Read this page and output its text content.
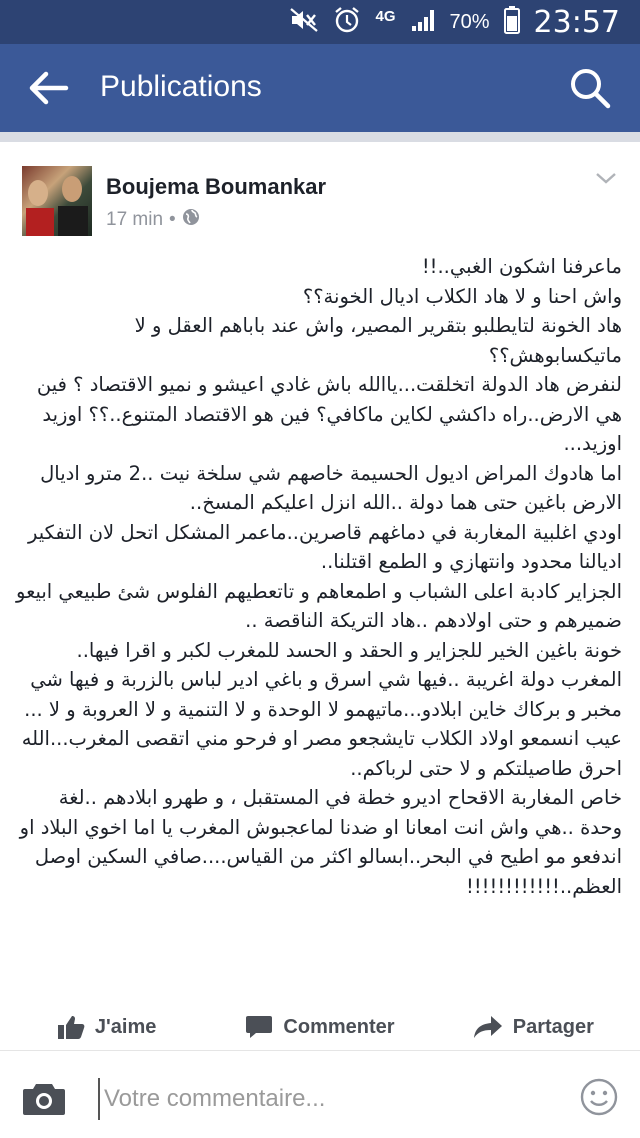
4G	70% 23:57
Publications
Boujema Boumankar
17 min •

ماعرفنا اشكون الغبي..!!

واش احنا و لا هاد الكلاب اديال الخونة؟؟

هاد الخونة لتايطلبو بتقرير المصير، واش عند باباهم العقل و لا ماتيكسابوهش؟؟

لنفرض هاد الدولة اتخلقت...ياالله باش غادي اعيشو و نميو الاقتصاد ؟ فين هي الارض..راه داكشي لكاين ماكافي؟ فين هو الاقتصاد المتنوع..؟؟ اوزيد اوزيد...

اما هادوك المراض اديول الحسيمة خاصهم شي سلخة نيت ..2 مترو اديال الارض باغين حتى هما دولة ..الله انزل اعليكم المسخ..

اودي اغلبية المغاربة في دماغهم قاصرين..ماعمر المشكل اتحل لان التفكير اديالنا محدود وانتهازي و الطمع اقتلنا..

الجزاير كادبة اعلى الشباب و اطمعاهم و تاتعطيهم الفلوس شئ طبيعي ابيعو ضميرهم و حتى اولادهم ..هاد التريكة الناقصة ..

خونة باغين الخير للجزاير و الحقد و الحسد للمغرب لكبر و اقرا فيها..

المغرب دولة اغريبة ..فيها شي اسرق و باغي ادير لباس بالزربة و فيها شي مخبر و بركاك خاين ابلادو...ماتيهمو لا الوحدة و لا التنمية و لا العروبة و لا ...

عيب انسمعو اولاد الكلاب تايشجعو مصر او فرحو مني اتقصى المغرب...الله احرق طاصيلتكم و لا حتى لرباكم..

خاص المغاربة الاقحاح اديرو خطة في المستقبل ، و طهرو ابلادهم ..لغة وحدة ..هي واش انت امعانا او ضدنا لماعجبوش المغرب يا اما اخوي البلاد او اندفعو مو اطيح في البحر..ابسالو اكثر من القياس....صافي السكين اوصل العظم..!!!!!!!!!!!!

J'aime	Commenter	Partager
Votre commentaire...
